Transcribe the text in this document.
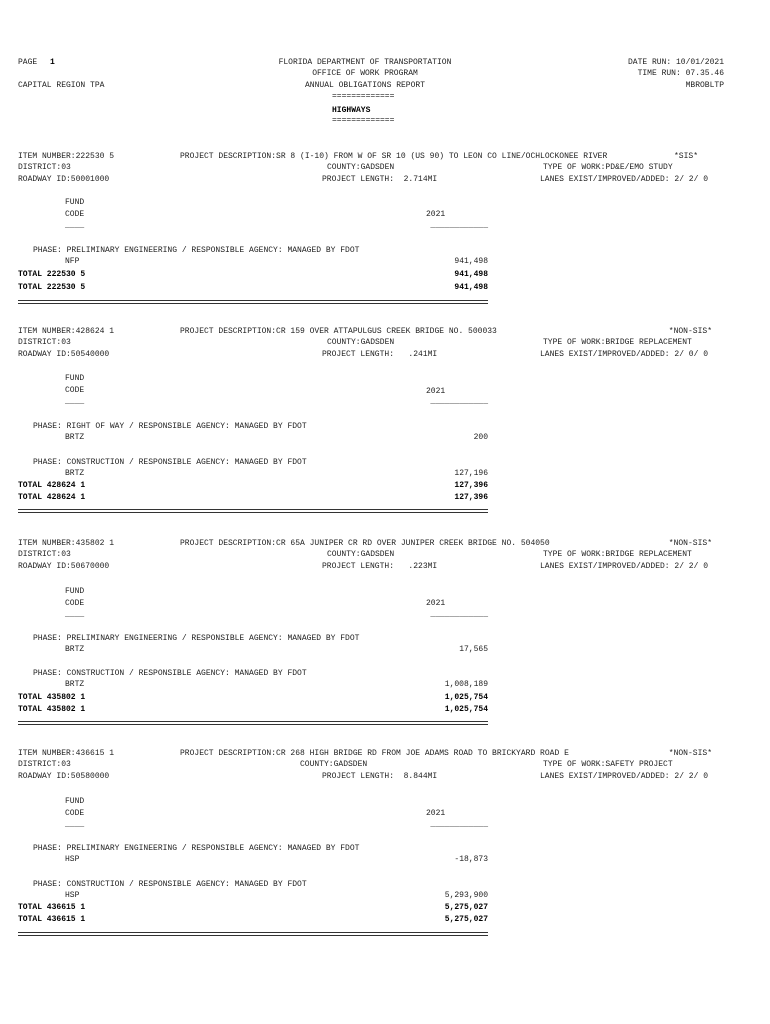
PAGE 1
CAPITAL REGION TPA
FLORIDA DEPARTMENT OF TRANSPORTATION
OFFICE OF WORK PROGRAM
ANNUAL OBLIGATIONS REPORT
=============
HIGHWAYS
=============
DATE RUN: 10/01/2021
TIME RUN: 07.35.46
MBROBLTP
ITEM NUMBER:222530 5
DISTRICT:03
ROADWAY ID:50001000
PROJECT DESCRIPTION:SR 8 (I-10) FROM W OF SR 10 (US 90) TO LEON CO LINE/OCHLOCKONEE RIVER
COUNTY:GADSDEN
PROJECT LENGTH:  2.714MI
*SIS*
TYPE OF WORK:PD&E/EMO STUDY
LANES EXIST/IMPROVED/ADDED: 2/ 2/ 0
FUND
CODE	2021
____	____________
PHASE: PRELIMINARY ENGINEERING / RESPONSIBLE AGENCY: MANAGED BY FDOT
NFP	941,498
TOTAL 222530 5	941,498
TOTAL 222530 5	941,498
ITEM NUMBER:428624 1
DISTRICT:03
ROADWAY ID:50540000
PROJECT DESCRIPTION:CR 159 OVER ATTAPULGUS CREEK BRIDGE NO. 500033
COUNTY:GADSDEN
PROJECT LENGTH:   .241MI
*NON-SIS*
TYPE OF WORK:BRIDGE REPLACEMENT
LANES EXIST/IMPROVED/ADDED: 2/ 0/ 0
FUND
CODE	2021
____	____________
PHASE: RIGHT OF WAY / RESPONSIBLE AGENCY: MANAGED BY FDOT
BRTZ	200
PHASE: CONSTRUCTION / RESPONSIBLE AGENCY: MANAGED BY FDOT
BRTZ	127,196
TOTAL 428624 1	127,396
TOTAL 428624 1	127,396
ITEM NUMBER:435802 1
DISTRICT:03
ROADWAY ID:50670000
PROJECT DESCRIPTION:CR 65A JUNIPER CR RD OVER JUNIPER CREEK BRIDGE NO. 504050
COUNTY:GADSDEN
PROJECT LENGTH:   .223MI
*NON-SIS*
TYPE OF WORK:BRIDGE REPLACEMENT
LANES EXIST/IMPROVED/ADDED: 2/ 2/ 0
FUND
CODE	2021
____	____________
PHASE: PRELIMINARY ENGINEERING / RESPONSIBLE AGENCY: MANAGED BY FDOT
BRTZ	17,565
PHASE: CONSTRUCTION / RESPONSIBLE AGENCY: MANAGED BY FDOT
BRTZ	1,008,189
TOTAL 435802 1	1,025,754
TOTAL 435802 1	1,025,754
ITEM NUMBER:436615 1
DISTRICT:03
ROADWAY ID:50580000
PROJECT DESCRIPTION:CR 268 HIGH BRIDGE RD FROM JOE ADAMS ROAD TO BRICKYARD ROAD E
COUNTY:GADSDEN
PROJECT LENGTH:  8.844MI
*NON-SIS*
TYPE OF WORK:SAFETY PROJECT
LANES EXIST/IMPROVED/ADDED: 2/ 2/ 0
FUND
CODE	2021
____	____________
PHASE: PRELIMINARY ENGINEERING / RESPONSIBLE AGENCY: MANAGED BY FDOT
HSP	-18,873
PHASE: CONSTRUCTION / RESPONSIBLE AGENCY: MANAGED BY FDOT
HSP	5,293,900
TOTAL 436615 1	5,275,027
TOTAL 436615 1	5,275,027
